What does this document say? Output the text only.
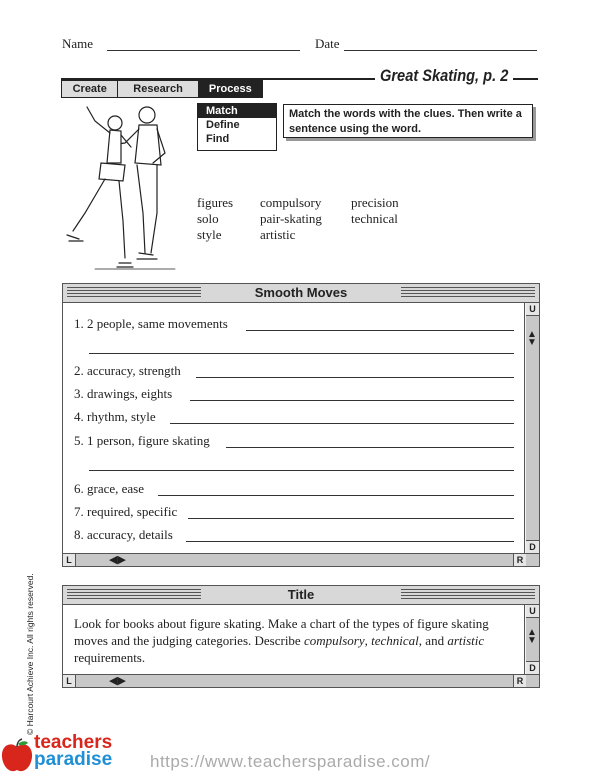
Name	Date
Great Skating, p. 2
Create	Research	Process
Match
Define
Find
Match the words with the clues. Then write a sentence using the word.
figures compulsory precision
solo	pair-skating technical
style	artistic
Smooth Moves
1. 2 people, same movements
2. accuracy, strength
3. drawings, eights
4. rhythm, style
5. 1 person, figure skating
6. grace, ease
7. required, specific
8. accuracy, details
U
▲
▼
D
L	◀▶	R
Title
Look for books about figure skating. Make a chart of the types of figure skating moves and the judging categories. Describe compulsory, technical, and artistic requirements.
U
▲
▼
D
L	◀▶	R
© Harcourt Achieve Inc. All rights reserved.
teachers
paradise https://www.teachersparadise.com/
